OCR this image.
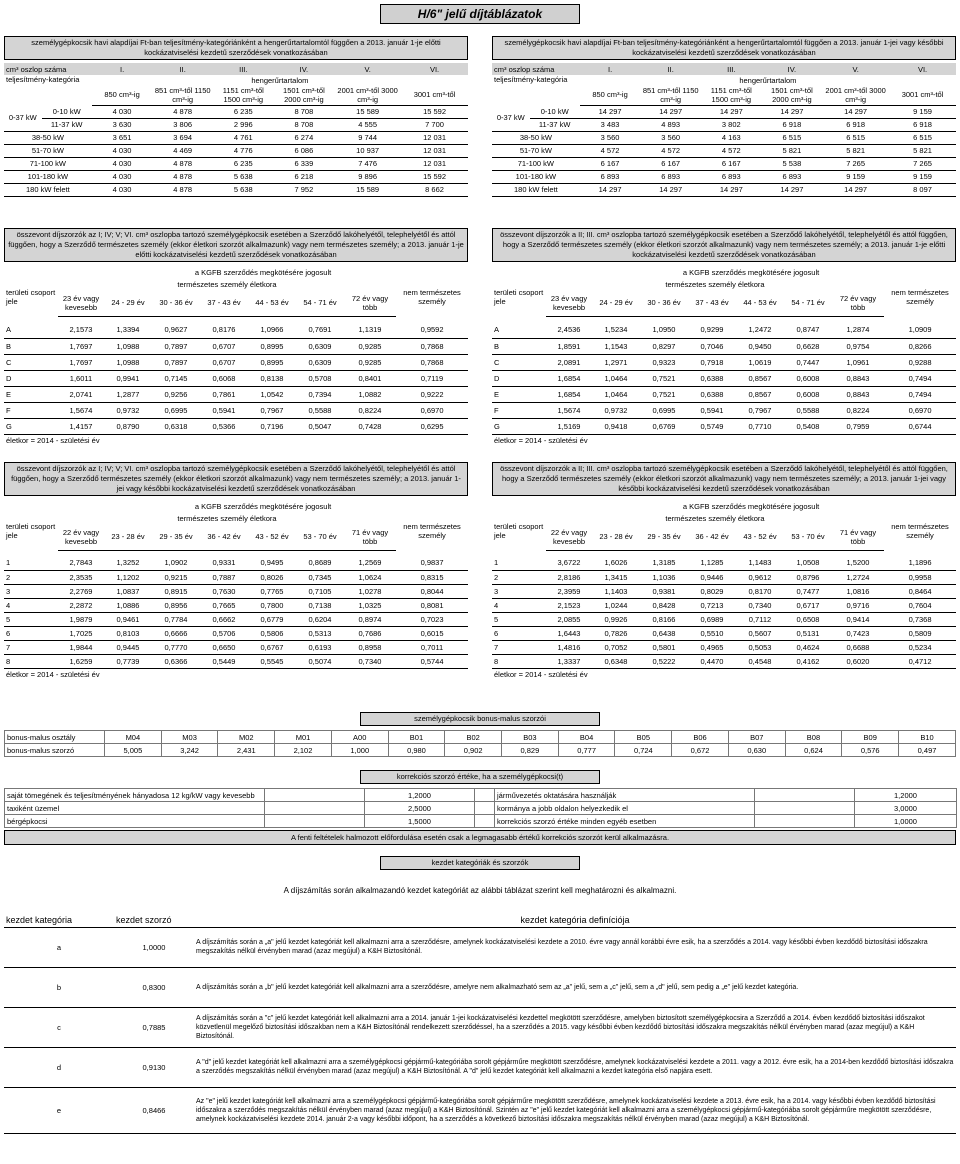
H/6" jelű díjtáblázatok
személygépkocsik havi alapdíjai Ft-ban teljesítmény-kategóriánként a hengerűrtartalomtól függően a 2013. január 1-je előtti kockázatviselési kezdetű szerződések vonatkozásában
cm³ oszlop száma		I.	II.	III.	IV.	V.	VI.
teljesítmény-kategória		hengerűrtartalom					
		850 cm³-ig	851 cm³-től 1150 cm³-ig	1151 cm³-től 1500 cm³-ig	1501 cm³-től 2000 cm³-ig	2001 cm³-től 3000 cm³-ig	3001 cm³-től
0-37 kW	0-10 kW	4 030	4 878	6 235	8 708	15 589	15 592
	11-37 kW	3 630	3 806	2 996	8 708	4 555	7 700
38-50 kW		3 651	3 694	4 761	6 274	9 744	12 031
51-70 kW		4 030	4 469	4 776	6 086	10 937	12 031
71-100 kW		4 030	4 878	6 235	6 339	7 476	12 031
101-180 kW		4 030	4 878	5 638	6 218	9 896	15 592
180 kW felett		4 030	4 878	5 638	7 952	15 589	8 662
személygépkocsik havi alapdíjai Ft-ban teljesítmény-kategóriánként a hengerűrtartalomtól függően a 2013. január 1-jei vagy későbbi kockázatviselési kezdetű szerződések vonatkozásában
cm³ oszlop száma		I.	II.	III.	IV.	V.	VI.
teljesítmény-kategória		hengerűrtartalom					
		850 cm³-ig	851 cm³-től 1150 cm³-ig	1151 cm³-től 1500 cm³-ig	1501 cm³-től 2000 cm³-ig	2001 cm³-től 3000 cm³-ig	3001 cm³-től
0-37 kW	0-10 kW	14 297	14 297	14 297	14 297	14 297	9 159
	11-37 kW	3 483	4 893	3 802	6 918	6 918	6 918
38-50 kW		3 560	3 560	4 163	6 515	6 515	6 515
51-70 kW		4 572	4 572	4 572	5 821	5 821	5 821
71-100 kW		6 167	6 167	6 167	5 538	7 265	7 265
101-180 kW		6 893	6 893	6 893	6 893	9 159	9 159
180 kW felett		14 297	14 297	14 297	14 297	14 297	8 097
összevont díjszorzók az I; IV; V; VI. cm³ oszlopba tartozó személygépkocsik esetében a Szerződő lakóhelyétől, telephelyétől és attól függően, hogy a Szerződő természetes személy (ekkor életkori szorzót alkalmazunk) vagy nem természetes személy; a 2013. január 1-je előtti kockázatviselési kezdetű szerződések vonatkozásában
	a KGFB szerződés megkötésére jogosult							
területi csoport jele	természetes személy életkora							nem természetes személy
	23 év vagy kevesebb	24 - 29 év	30 - 36 év	37 - 43 év	44 - 53 év	54 - 71 év	72 év vagy több	

A	2,1573	1,3394	0,9627	0,8176	1,0966	0,7691	1,1319	0,9592
B	1,7697	1,0988	0,7897	0,6707	0,8995	0,6309	0,9285	0,7868
C	1,7697	1,0988	0,7897	0,6707	0,8995	0,6309	0,9285	0,7868
D	1,6011	0,9941	0,7145	0,6068	0,8138	0,5708	0,8401	0,7119
E	2,0741	1,2877	0,9256	0,7861	1,0542	0,7394	1,0882	0,9222
F	1,5674	0,9732	0,6995	0,5941	0,7967	0,5588	0,8224	0,6970
G	1,4157	0,8790	0,6318	0,5366	0,7196	0,5047	0,7428	0,6295
életkor = 2014 - születési év								
összevont díjszorzók a II; III. cm³ oszlopba tartozó személygépkocsik esetében a Szerződő lakóhelyétől, telephelyétől és attól függően, hogy a Szerződő természetes személy (ekkor életkori szorzót alkalmazunk) vagy nem természetes személy; a 2013. január 1-je előtti kockázatviselési kezdetű szerződések vonatkozásában
	a KGFB szerződés megkötésére jogosult							
területi csoport jele	természetes személy életkora							nem természetes személy
	23 év vagy kevesebb	24 - 29 év	30 - 36 év	37 - 43 év	44 - 53 év	54 - 71 év	72 év vagy több	

A	2,4536	1,5234	1,0950	0,9299	1,2472	0,8747	1,2874	1,0909
B	1,8591	1,1543	0,8297	0,7046	0,9450	0,6628	0,9754	0,8266
C	2,0891	1,2971	0,9323	0,7918	1,0619	0,7447	1,0961	0,9288
D	1,6854	1,0464	0,7521	0,6388	0,8567	0,6008	0,8843	0,7494
E	1,6854	1,0464	0,7521	0,6388	0,8567	0,6008	0,8843	0,7494
F	1,5674	0,9732	0,6995	0,5941	0,7967	0,5588	0,8224	0,6970
G	1,5169	0,9418	0,6769	0,5749	0,7710	0,5408	0,7959	0,6744
életkor = 2014 - születési év								
összevont díjszorzók az I; IV; V; VI. cm³ oszlopba tartozó személygépkocsik esetében a Szerződő lakóhelyétől, telephelyétől és attól függően, hogy a Szerződő természetes személy (ekkor életkori szorzót alkalmazunk) vagy nem természetes személy; a 2013. január 1-jei vagy későbbi kockázatviselési kezdetű szerződések vonatkozásában
	a KGFB szerződés megkötésére jogosult							
területi csoport jele	természetes személy életkora							nem természetes személy
	22 év vagy kevesebb	23 - 28 év	29 - 35 év	36 - 42 év	43 - 52 év	53 - 70 év	71 év vagy több	

1	2,7843	1,3252	1,0902	0,9331	0,9495	0,8689	1,2569	0,9837
2	2,3535	1,1202	0,9215	0,7887	0,8026	0,7345	1,0624	0,8315
3	2,2769	1,0837	0,8915	0,7630	0,7765	0,7105	1,0278	0,8044
4	2,2872	1,0886	0,8956	0,7665	0,7800	0,7138	1,0325	0,8081
5	1,9879	0,9461	0,7784	0,6662	0,6779	0,6204	0,8974	0,7023
6	1,7025	0,8103	0,6666	0,5706	0,5806	0,5313	0,7686	0,6015
7	1,9844	0,9445	0,7770	0,6650	0,6767	0,6193	0,8958	0,7011
8	1,6259	0,7739	0,6366	0,5449	0,5545	0,5074	0,7340	0,5744
életkor = 2014 - születési év								
összevont díjszorzók a II; III. cm³ oszlopba tartozó személygépkocsik esetében a Szerződő lakóhelyétől, telephelyétől és attól függően, hogy a Szerződő természetes személy (ekkor életkori szorzót alkalmazunk) vagy nem természetes személy; a 2013. január 1-jei vagy későbbi kockázatviselési kezdetű szerződések vonatkozásában
	a KGFB szerződés megkötésére jogosult							
területi csoport jele	természetes személy életkora							nem természetes személy
	22 év vagy kevesebb	23 - 28 év	29 - 35 év	36 - 42 év	43 - 52 év	53 - 70 év	71 év vagy több	

1	3,6722	1,6026	1,3185	1,1285	1,1483	1,0508	1,5200	1,1896
2	2,8186	1,3415	1,1036	0,9446	0,9612	0,8796	1,2724	0,9958
3	2,3959	1,1403	0,9381	0,8029	0,8170	0,7477	1,0816	0,8464
4	2,1523	1,0244	0,8428	0,7213	0,7340	0,6717	0,9716	0,7604
5	2,0855	0,9926	0,8166	0,6989	0,7112	0,6508	0,9414	0,7368
6	1,6443	0,7826	0,6438	0,5510	0,5607	0,5131	0,7423	0,5809
7	1,4816	0,7052	0,5801	0,4965	0,5053	0,4624	0,6688	0,5234
8	1,3337	0,6348	0,5222	0,4470	0,4548	0,4162	0,6020	0,4712
életkor = 2014 - születési év								
személygépkocsik bonus-malus szorzói
bonus-malus osztály	M04	M03	M02	M01	A00	B01	B02	B03	B04	B05	B06	B07	B08	B09	B10
bonus-malus szorzó	5,005	3,242	2,431	2,102	1,000	0,980	0,902	0,829	0,777	0,724	0,672	0,630	0,624	0,576	0,497
korrekciós szorzó értéke, ha a személygépkocsi(t)
saját tömegének és teljesítményének hányadosa 12 kg/kW vagy kevesebb		1,2000		járművezetés oktatására használják		1,2000
taxiként üzemel		2,5000		kormánya a jobb oldalon helyezkedik el		3,0000
bérgépkocsi		1,5000		korrekciós szorzó értéke minden egyéb esetben		1,0000
A fenti feltételek halmozott előfordulása esetén csak a legmagasabb értékű korrekciós szorzót kerül alkalmazásra.
kezdet kategóriák és szorzók
A díjszámítás során alkalmazandó kezdet kategóriát az alábbi táblázat szerint kell meghatározni és alkalmazni.
kezdet kategória	kezdet szorzó	kezdet kategória definíciója
a	1,0000	A díjszámítás során a „a" jelű kezdet kategóriát kell alkalmazni arra a szerződésre, amelynek kockázatviselési kezdete a 2010. évre vagy annál korábbi évre esik, ha a szerződés a 2014. vagy későbbi évben kezdődő biztosítási időszakra megszakítás nélkül érvényben marad (azaz megújul) a K&H Biztosítónál.
b	0,8300	A díjszámítás során a „b" jelű kezdet kategóriát kell alkalmazni arra a szerződésre, amelyre nem alkalmazható sem az „a" jelű, sem a „c" jelű, sem a „d" jelű, sem pedig a „e" jelű kezdet kategória.
c	0,7885	A díjszámítás során a "c" jelű kezdet kategóriát kell alkalmazni arra a 2014. január 1-jei kockázatviselési kezdettel megkötött szerződésre, amelyben biztosított személygépkocsira a Szerződő a 2014. évben kezdődő biztosítási időszakot közvetlenül megelőző biztosítási időszakban nem a K&H Biztosítónál rendelkezett szerződéssel, ha a szerződés a 2015. vagy későbbi évben kezdődő biztosítási időszakra megszakítás nélkül érvényben marad (azaz megújul) a K&H Biztosítónál.
d	0,9130	A "d" jelű kezdet kategóriát kell alkalmazni arra a személygépkocsi gépjármű-kategóriába sorolt gépjárműre megkötött szerződésre, amelynek kockázatviselési kezdete a 2011. vagy a 2012. évre esik, ha a 2014-ben kezdődő biztosítási időszakra a szerződés megszakítás nélkül érvényben marad (azaz megújul) a K&H Biztosítónál. A "d" jelű kezdet kategóriát kell alkalmazni a kezdet kategória első napjára esett.
e	0,8466	Az "e" jelű kezdet kategóriát kell alkalmazni arra a személygépkocsi gépjármű-kategóriába sorolt gépjárműre megkötött szerződésre, amelynek kockázatviselési kezdete a 2013. évre esik, ha a 2014. vagy későbbi évben kezdődő biztosítási időszakra a szerződés megszakítás nélkül érvényben marad (azaz megújul) a K&H Biztosítónál. Szintén az "e" jelű kezdet kategóriát kell alkalmazni arra a személygépkocsi gépjármű-kategóriába sorolt gépjárműre megkötött szerződésre, amelynek kockázatviselési kezdete 2014. január 2-a vagy későbbi időpont, ha a szerződés a következő biztosítási időszakra megszakítás nélkül érvényben marad (azaz megújul) a K&H Biztosítónál.
